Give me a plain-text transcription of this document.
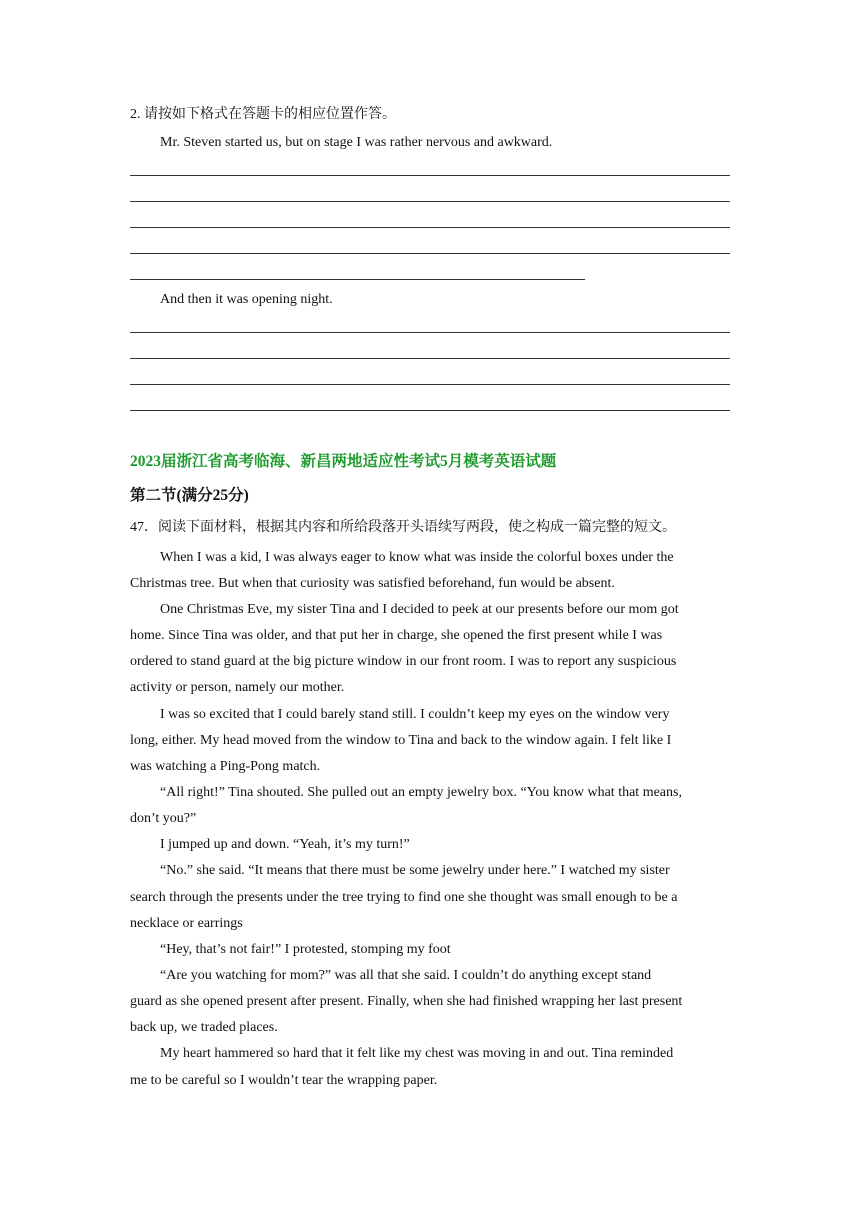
2. 请按如下格式在答题卡的相应位置作答。
Mr. Steven started us, but on stage I was rather nervous and awkward.
And then it was opening night.
2023届浙江省高考临海、新昌两地适应性考试5月模考英语试题
第二节(满分25分)
47．阅读下面材料，根据其内容和所给段落开头语续写两段，使之构成一篇完整的短文。
When I was a kid, I was always eager to know what was inside the colorful boxes under the
Christmas tree. But when that curiosity was satisfied beforehand, fun would be absent.
One Christmas Eve, my sister Tina and I decided to peek at our presents before our mom got
home. Since Tina was older, and that put her in charge, she opened the first present while I was
ordered to stand guard at the big picture window in our front room. I was to report any suspicious
activity or person, namely our mother.
I was so excited that I could barely stand still. I couldn’t keep my eyes on the window very
long, either. My head moved from the window to Tina and back to the window again. I felt like I
was watching a Ping-Pong match.
“All right!” Tina shouted. She pulled out an empty jewelry box. “You know what that means,
don’t you?”
I jumped up and down. “Yeah, it’s my turn!”
“No.” she said. “It means that there must be some jewelry under here.” I watched my sister
search through the presents under the tree trying to find one she thought was small enough to be a
necklace or earrings
“Hey, that’s not fair!” I protested, stomping my foot
“Are you watching for mom?” was all that she said. I couldn’t do anything except stand
guard as she opened present after present. Finally, when she had finished wrapping her last present
back up, we traded places.
My heart hammered so hard that it felt like my chest was moving in and out. Tina reminded
me to be careful so I wouldn’t tear the wrapping paper.
